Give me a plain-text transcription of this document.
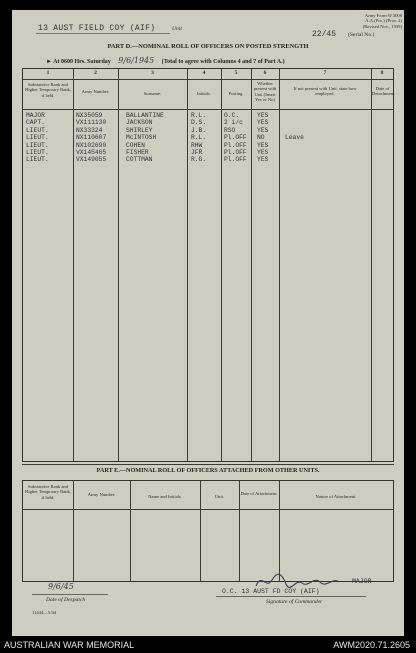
13 AUST FIELD COY (AIF)	Unit
Army Form W.3008
A.A.(Pro.) (Prov. 2)
(Revised Nov., 1939)
22/45 (Serial No.)
PART D.—NOMINAL ROLL OF OFFICERS ON POSTED STRENGTH
► At 0600 Hrs. Saturday 9/6/1945 (Total to agree with Columns 4 and 7 of Part A.)
1	2	3	4	5	6	7	8
Substantive Rank and Higher Temporary Rank, if held.
Army Number.	Surname.	Initials.	Posting.
Whether present with Unit (Insert Yes or No)
If not present with Unit, state how employed.
Date of Detachment.
MAJOR	NX35059	BALLANTINE	R.L.	O.C.	YES
CAPT.	VX111130	JACKSON	D.S.	2 i/c YES
LIEUT.	NX33324	SHIRLEY	J.B.	RSO	YES
LIEUT.	NX110607	McINTOSH	R.L.	Pl.OFF NO	Leave
LIEUT.	NX102690	COHEN	RHW	Pl.OFF YES
LIEUT.	VX145465	FISHER	JFR	Pl.OFF YES
LIEUT.	VX149055	COTTMAN	R.G.	Pl.OFF YES
PART E.—NOMINAL ROLL OF OFFICERS ATTACHED FROM OTHER UNITS.
Substantive Rank and Higher Temporary Rank, if held.
Army Number.	Name and Initials.	Unit.
Date of Attachment.
Nature of Attachment.
9/6/45
Date of Despatch
11444—5/44
MAJOR
O.C. 13 AUST FD COY (AIF)
Signature of Commander
AUSTRALIAN WAR MEMORIAL	AWM2020.71.2605
